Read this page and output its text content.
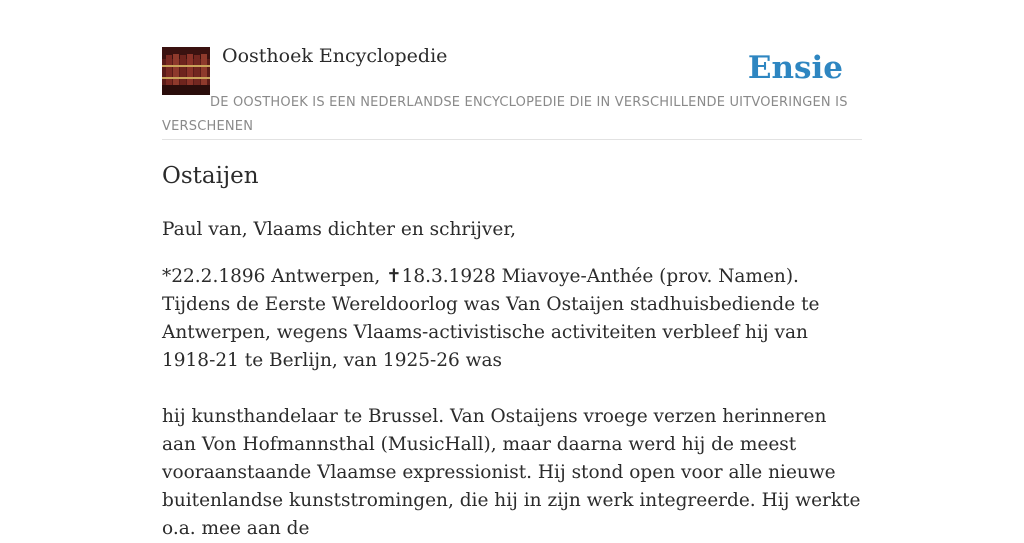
Oosthoek Encyclopedie	Ensie
DE OOSTHOEK IS EEN NEDERLANDSE ENCYCLOPEDIE DIE IN VERSCHILLENDE UITVOERINGEN IS VERSCHENEN
Ostaijen

Paul van, Vlaams dichter en schrijver,

*22.2.1896 Antwerpen, ✝18.3.1928 Miavoye-Anthée (prov. Namen). Tijdens de Eerste Wereldoorlog was Van Ostaijen stadhuisbediende te Antwerpen, wegens Vlaams-activistische activiteiten verbleef hij van 1918-21 te Berlijn, van 1925-26 was

hij kunsthandelaar te Brussel. Van Ostaijens vroege verzen herinneren aan Von Hofmannsthal (MusicHall), maar daarna werd hij de meest vooraanstaande Vlaamse expressionist. Hij stond open voor alle nieuwe buitenlandse kunststromingen, die hij in zijn werk integreerde. Hij werkte o.a. mee aan de
